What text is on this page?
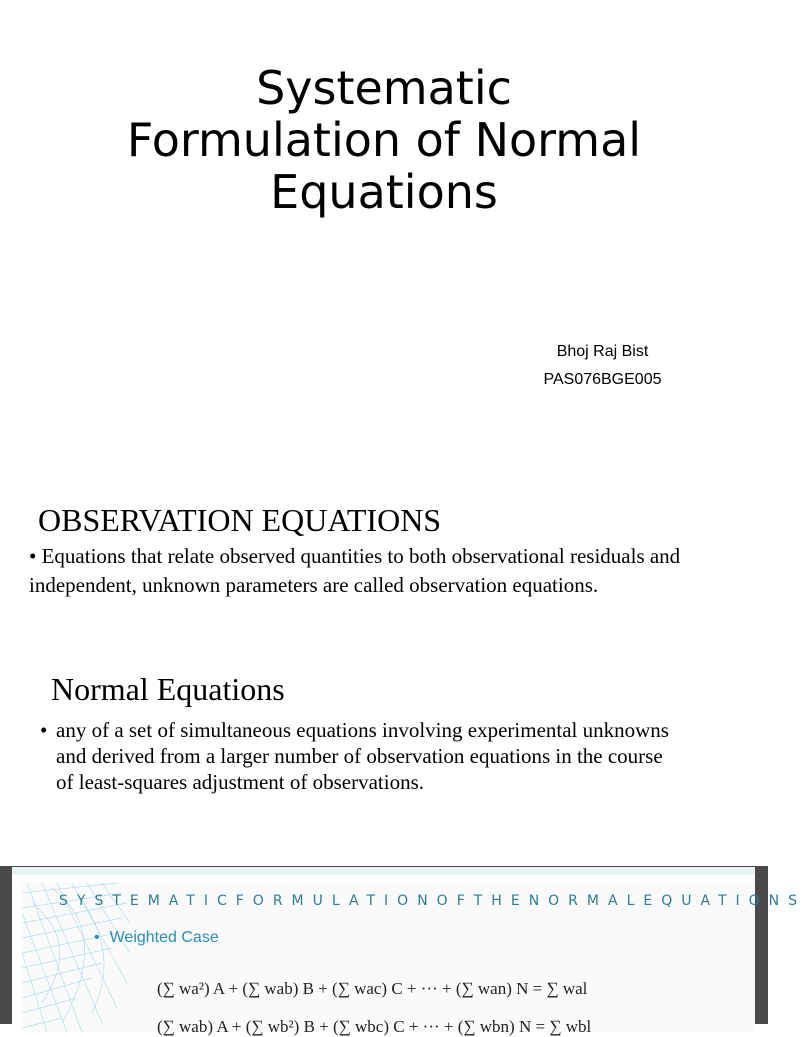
Systematic
Formulation of Normal
Equations
Bhoj Raj Bist
PAS076BGE005
OBSERVATION EQUATIONS
• Equations that relate observed quantities to both observational residuals and independent, unknown parameters are called observation equations.
Normal Equations
• any of a set of simultaneous equations involving experimental unknowns and derived from a larger number of observation equations in the course of least-squares adjustment of observations.
SYSTEMATIC FORMULATION OF THE NORMAL EQUATIONS
• Weighted Case
(∑ wa²) A + (∑ wab) B + (∑ wac) C + ··· + (∑ wan) N = ∑ wal
(∑ wab) A + (∑ wb²) B + (∑ wbc) C + ··· + (∑ wbn) N = ∑ wbl
